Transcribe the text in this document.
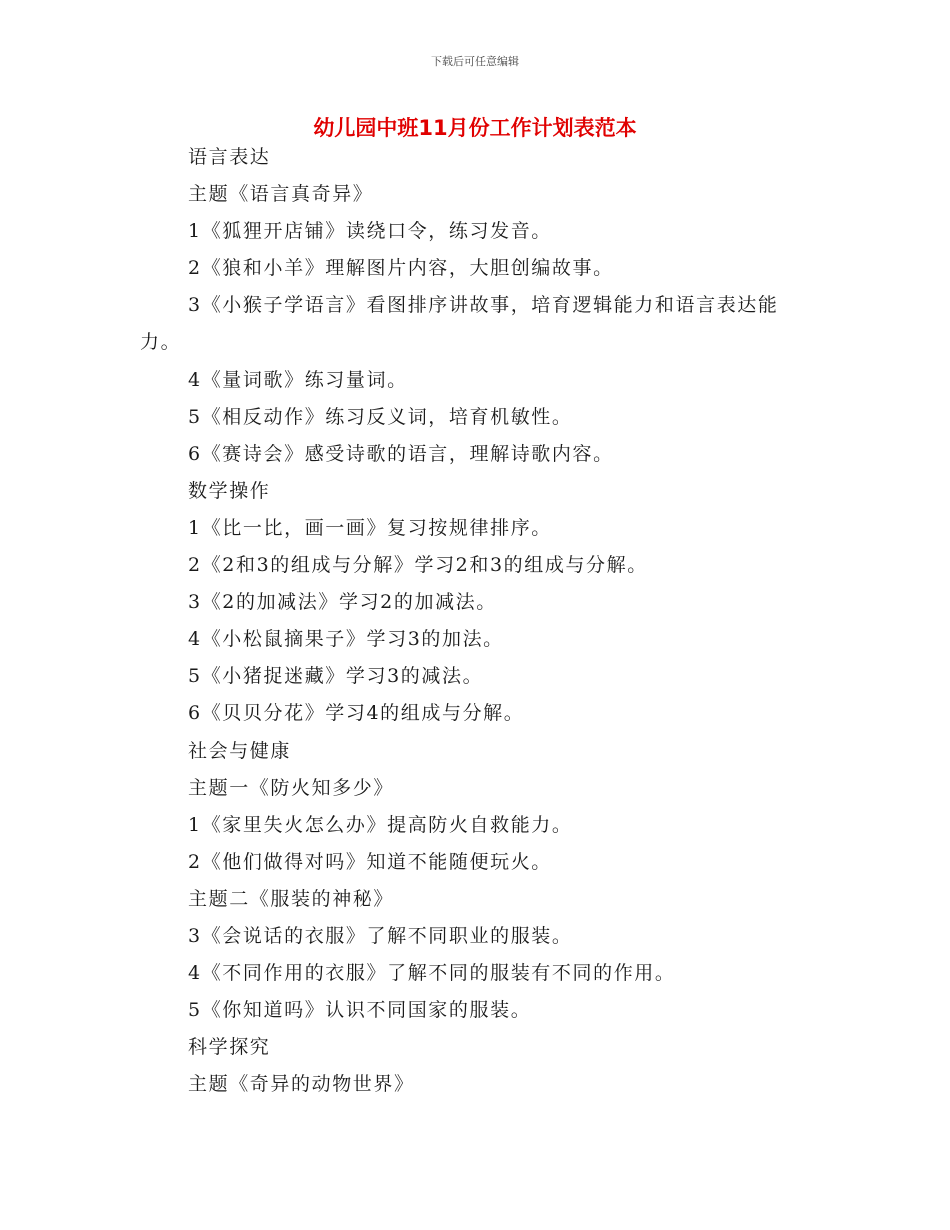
下载后可任意编辑
幼儿园中班11月份工作计划表范本
语言表达
主题《语言真奇异》
1《狐狸开店铺》读绕口令，练习发音。
2《狼和小羊》理解图片内容，大胆创编故事。
3《小猴子学语言》看图排序讲故事，培育逻辑能力和语言表达能
力。
4《量词歌》练习量词。
5《相反动作》练习反义词，培育机敏性。
6《赛诗会》感受诗歌的语言，理解诗歌内容。
数学操作
1《比一比，画一画》复习按规律排序。
2《2和3的组成与分解》学习2和3的组成与分解。
3《2的加减法》学习2的加减法。
4《小松鼠摘果子》学习3的加法。
5《小猪捉迷藏》学习3的减法。
6《贝贝分花》学习4的组成与分解。
社会与健康
主题一《防火知多少》
1《家里失火怎么办》提高防火自救能力。
2《他们做得对吗》知道不能随便玩火。
主题二《服装的神秘》
3《会说话的衣服》了解不同职业的服装。
4《不同作用的衣服》了解不同的服装有不同的作用。
5《你知道吗》认识不同国家的服装。
科学探究
主题《奇异的动物世界》
